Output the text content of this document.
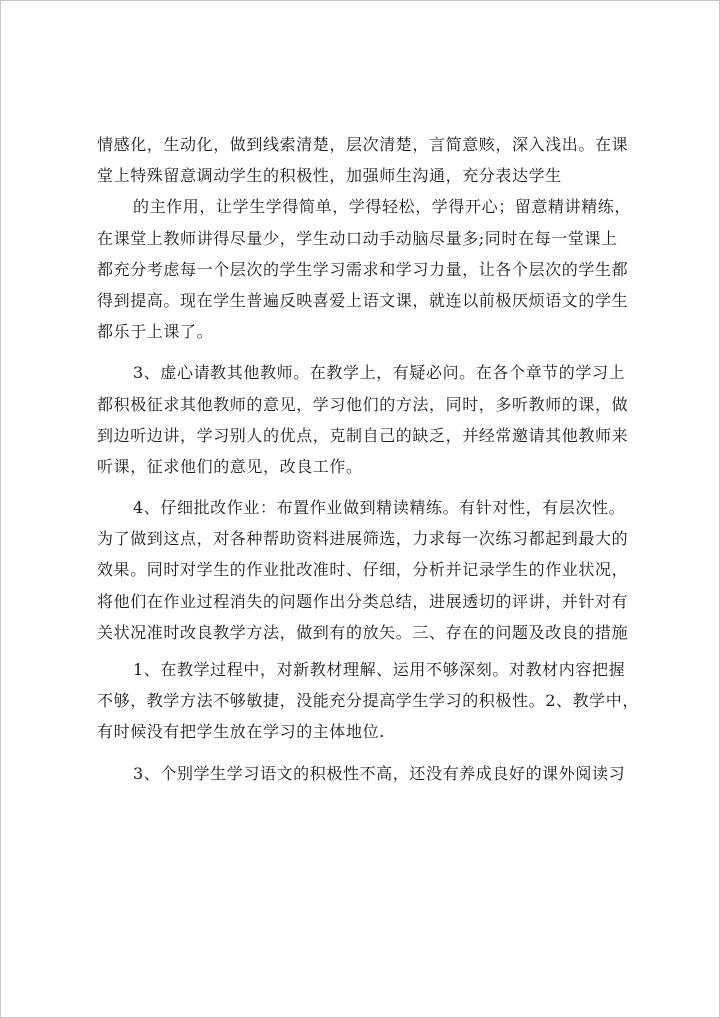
情感化，生动化，做到线索清楚，层次清楚，言简意赅，深入浅出。在课
堂上特殊留意调动学生的积极性，加强师生沟通，充分表达学生
的主作用，让学生学得简单，学得轻松，学得开心；留意精讲精练，
在课堂上教师讲得尽量少，学生动口动手动脑尽量多;同时在每一堂课上
都充分考虑每一个层次的学生学习需求和学习力量，让各个层次的学生都
得到提高。现在学生普遍反映喜爱上语文课，就连以前极厌烦语文的学生
都乐于上课了。
3、虚心请教其他教师。在教学上，有疑必问。在各个章节的学习上
都积极征求其他教师的意见，学习他们的方法，同时，多听教师的课，做
到边听边讲，学习别人的优点，克制自己的缺乏，并经常邀请其他教师来
听课，征求他们的意见，改良工作。
4、仔细批改作业：布置作业做到精读精练。有针对性，有层次性。
为了做到这点，对各种帮助资料进展筛选，力求每一次练习都起到最大的
效果。同时对学生的作业批改准时、仔细，分析并记录学生的作业状况，
将他们在作业过程消失的问题作出分类总结，进展透切的评讲，并针对有
关状况准时改良教学方法，做到有的放矢。三、存在的问题及改良的措施
1、在教学过程中，对新教材理解、运用不够深刻。对教材内容把握
不够，教学方法不够敏捷，没能充分提高学生学习的积极性。2、教学中，
有时候没有把学生放在学习的主体地位.
3、个别学生学习语文的积极性不高，还没有养成良好的课外阅读习
